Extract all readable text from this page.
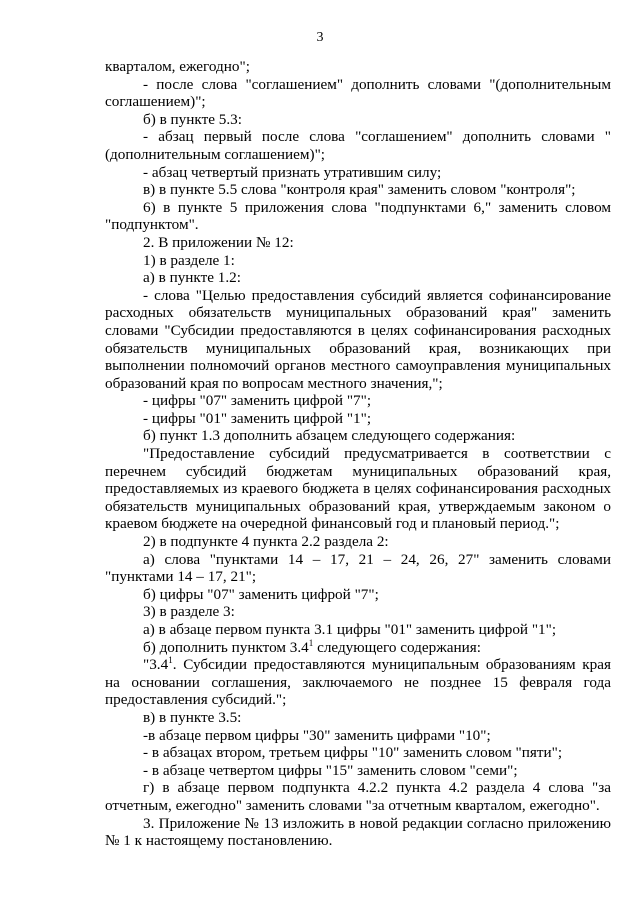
3

кварталом, ежегодно";

- после слова "соглашением" дополнить словами "(дополнительным соглашением)";

б) в пункте 5.3:

- абзац первый после слова "соглашением" дополнить словами "(дополнительным соглашением)";

- абзац четвертый признать утратившим силу;

в) в пункте 5.5 слова "контроля края" заменить словом "контроля";

6) в пункте 5 приложения слова "подпунктами 6," заменить словом "подпунктом".

2. В приложении № 12:

1) в разделе 1:

а) в пункте 1.2:

- слова "Целью предоставления субсидий является софинансирование расходных обязательств муниципальных образований края" заменить словами "Субсидии предоставляются в целях софинансирования расходных обязательств муниципальных образований края, возникающих при выполнении полномочий органов местного самоуправления муниципальных образований края по вопросам местного значения,";

- цифры "07" заменить цифрой "7";

- цифры "01" заменить цифрой "1";

б) пункт 1.3 дополнить абзацем следующего содержания:

"Предоставление субсидий предусматривается в соответствии с перечнем субсидий бюджетам муниципальных образований края, предоставляемых из краевого бюджета в целях софинансирования расходных обязательств муниципальных образований края, утверждаемым законом о краевом бюджете на очередной финансовый год и плановый период.";

2) в подпункте 4 пункта 2.2 раздела 2:

а) слова "пунктами 14 – 17, 21 – 24, 26, 27" заменить словами "пунктами 14 – 17, 21";

б) цифры "07" заменить цифрой "7";

3) в разделе 3:

а) в абзаце первом пункта 3.1 цифры "01" заменить цифрой "1";

б) дополнить пунктом $3.4^1$ следующего содержания:

"$3.4^1$. Субсидии предоставляются муниципальным образованиям края на основании соглашения, заключаемого не позднее 15 февраля года предоставления субсидий.";

в) в пункте 3.5:

-в абзаце первом цифры "30" заменить цифрами "10";

- в абзацах втором, третьем цифры "10" заменить словом "пяти";

- в абзаце четвертом цифры "15" заменить словом "семи";

г) в абзаце первом подпункта 4.2.2 пункта 4.2 раздела 4 слова "за отчетным, ежегодно" заменить словами "за отчетным кварталом, ежегодно".

3. Приложение № 13 изложить в новой редакции согласно приложению № 1 к настоящему постановлению.
